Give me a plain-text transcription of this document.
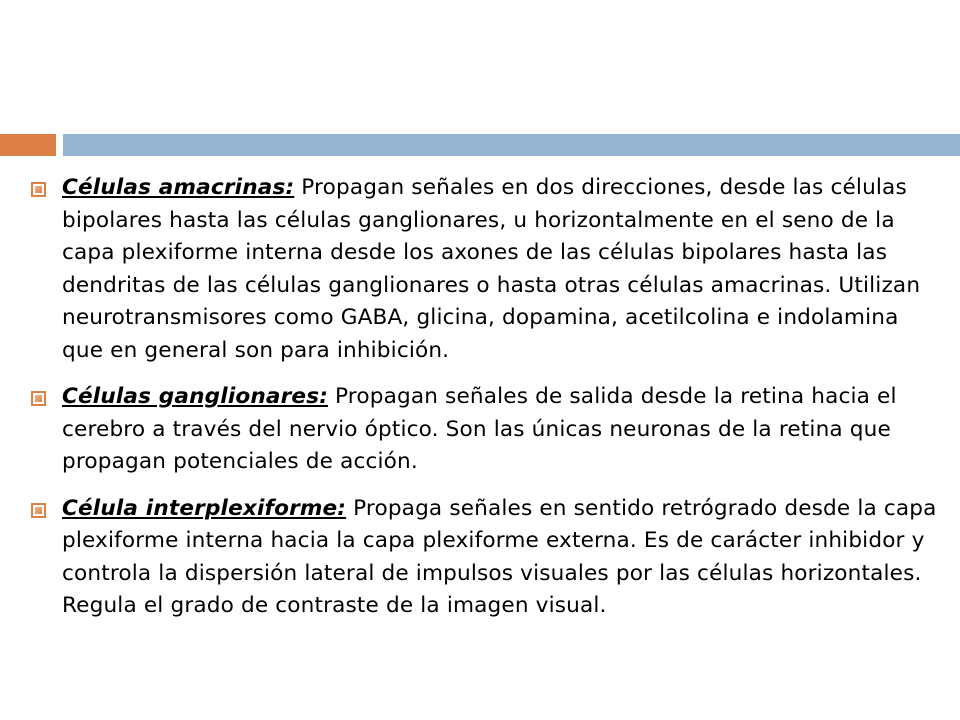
Células amacrinas: Propagan señales en dos direcciones, desde las células bipolares hasta las células ganglionares, u horizontalmente en el seno de la capa plexiforme interna desde los axones de las células bipolares hasta las dendritas de las células ganglionares o hasta otras células amacrinas. Utilizan neurotransmisores como GABA, glicina, dopamina, acetilcolina e indolamina que en general son para inhibición.
Células ganglionares: Propagan señales de salida desde la retina hacia el cerebro a través del nervio óptico. Son las únicas neuronas de la retina que propagan potenciales de acción.
Célula interplexiforme: Propaga señales en sentido retrógrado desde la capa plexiforme interna hacia la capa plexiforme externa. Es de carácter inhibidor y controla la dispersión lateral de impulsos visuales por las células horizontales. Regula el grado de contraste de la imagen visual.
